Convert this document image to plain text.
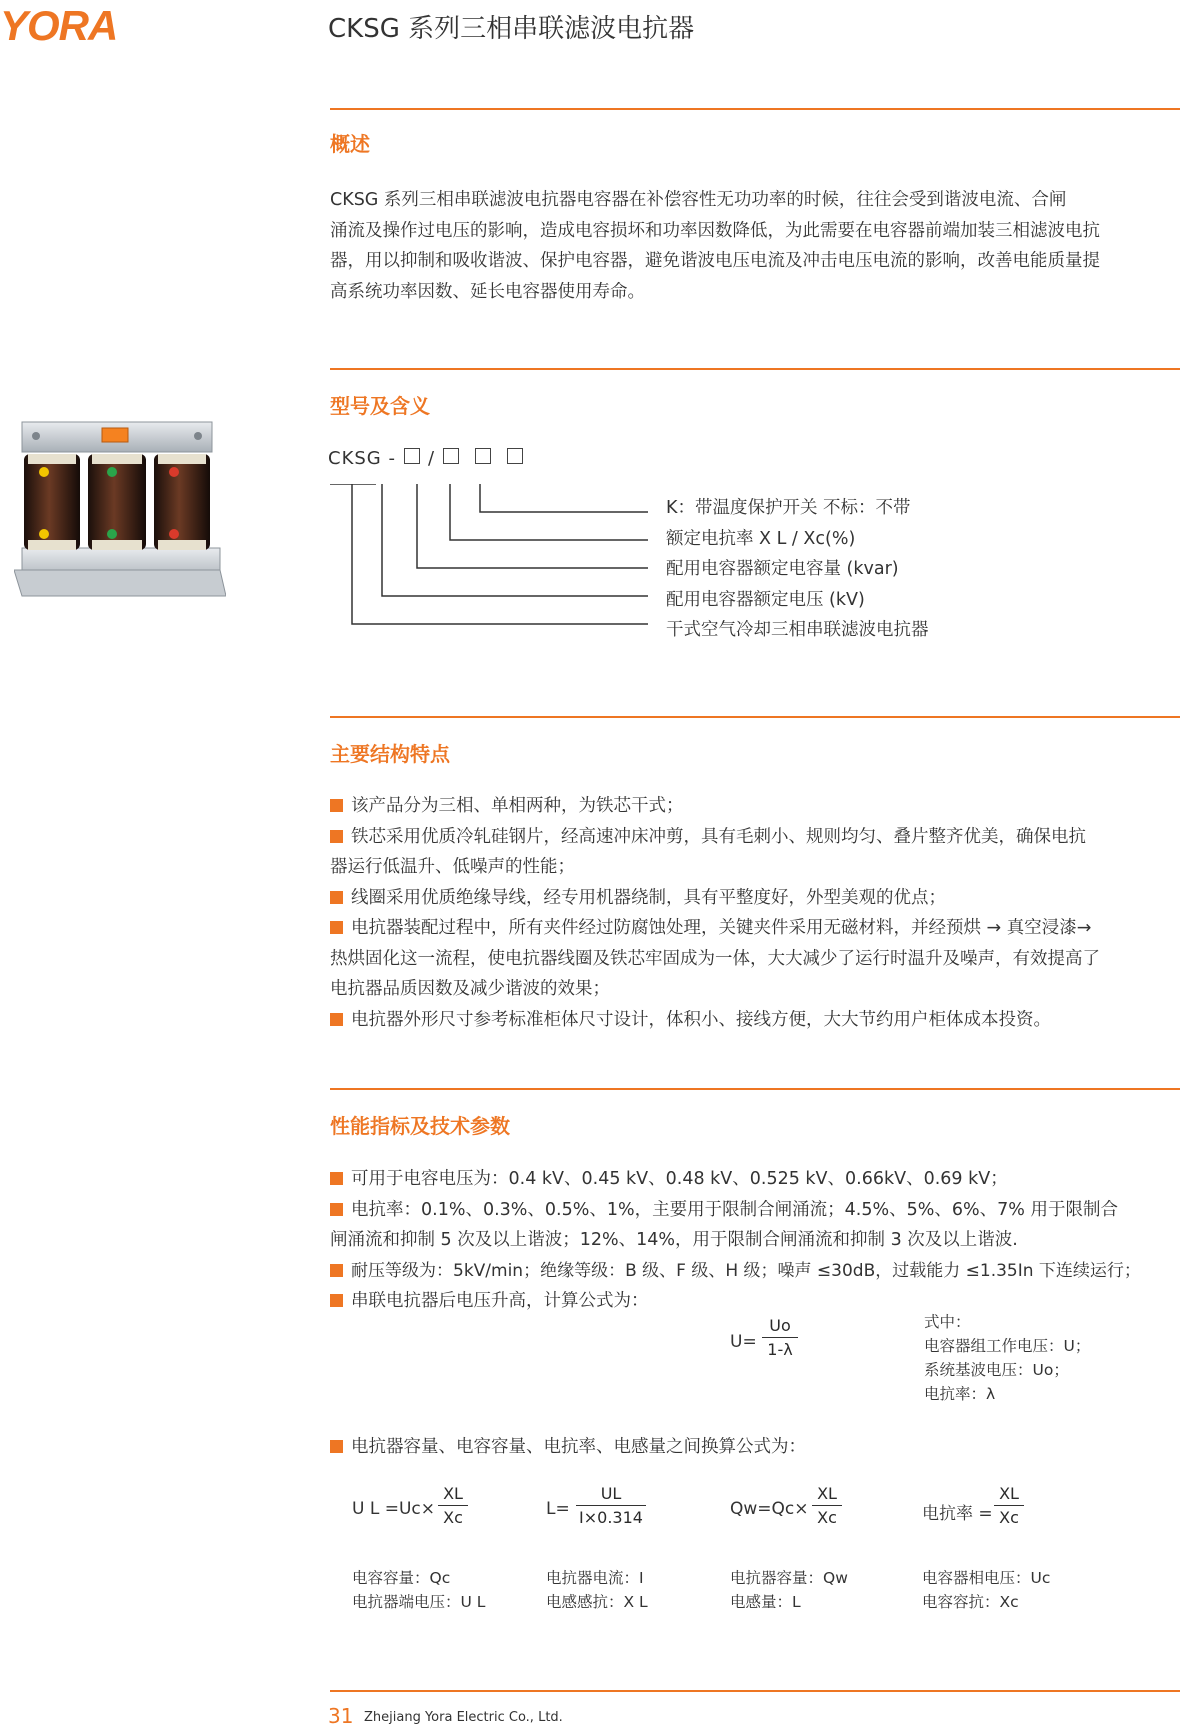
YORA	CKSG 系列三相串联滤波电抗器
概述

CKSG 系列三相串联滤波电抗器电容器在补偿容性无功功率的时候，往往会受到谐波电流、合闸

涌流及操作过电压的影响，造成电容损坏和功率因数降低，为此需要在电容器前端加装三相滤波电抗

器，用以抑制和吸收谐波、保护电容器，避免谐波电压电流及冲击电压电流的影响，改善电能质量提

高系统功率因数、延长电容器使用寿命。

型号及含义
CKSG - /
K：带温度保护开关 不标：不带
额定电抗率 X L / Xc(%)
配用电容器额定电容量 (kvar)
配用电容器额定电压 (kV)
干式空气冷却三相串联滤波电抗器
主要结构特点

该产品分为三相、单相两种，为铁芯干式；

铁芯采用优质冷轧硅钢片，经高速冲床冲剪，具有毛刺小、规则均匀、叠片整齐优美，确保电抗

器运行低温升、低噪声的性能；

线圈采用优质绝缘导线，经专用机器绕制，具有平整度好，外型美观的优点；

电抗器装配过程中，所有夹件经过防腐蚀处理，关键夹件采用无磁材料，并经预烘 → 真空浸漆→

热烘固化这一流程，使电抗器线圈及铁芯牢固成为一体，大大减少了运行时温升及噪声，有效提高了

电抗器品质因数及减少谐波的效果；

电抗器外形尺寸参考标准柜体尺寸设计，体积小、接线方便，大大节约用户柜体成本投资。

性能指标及技术参数

可用于电容电压为：0.4 kV、0.45 kV、0.48 kV、0.525 kV、0.66kV、0.69 kV；

电抗率：0.1%、0.3%、0.5%、1%，主要用于限制合闸涌流；4.5%、5%、6%、7% 用于限制合

闸涌流和抑制 5 次及以上谐波；12%、14%，用于限制合闸涌流和抑制 3 次及以上谐波.

耐压等级为：5kV/min；绝缘等级：B 级、F 级、H 级；噪声 ≤30dB，过载能力 ≤1.35In 下连续运行；

串联电抗器后电压升高，计算公式为：

$U= \frac{Uo}{1-\lambda}$	式中：
电容器组工作电压：U；
系统基波电压：Uo；
电抗率：λ

电抗器容量、电容容量、电抗率、电感量之间换算公式为：

U $L =Uc\times \frac{XL}{Xc}$	$L= \frac{UL}{I\times 0.314}$	$Qw=Qc\times \frac{XL}{Xc}$	电抗率 = $\frac{XL}{Xc}$
电容容量：Qc
电抗器端电压：U L
电抗器电流：I
电感感抗：X L
电抗器容量：Qw
电感量：L
电容器相电压：Uc
电容容抗：Xc
31 Zhejiang Yora Electric Co., Ltd.
